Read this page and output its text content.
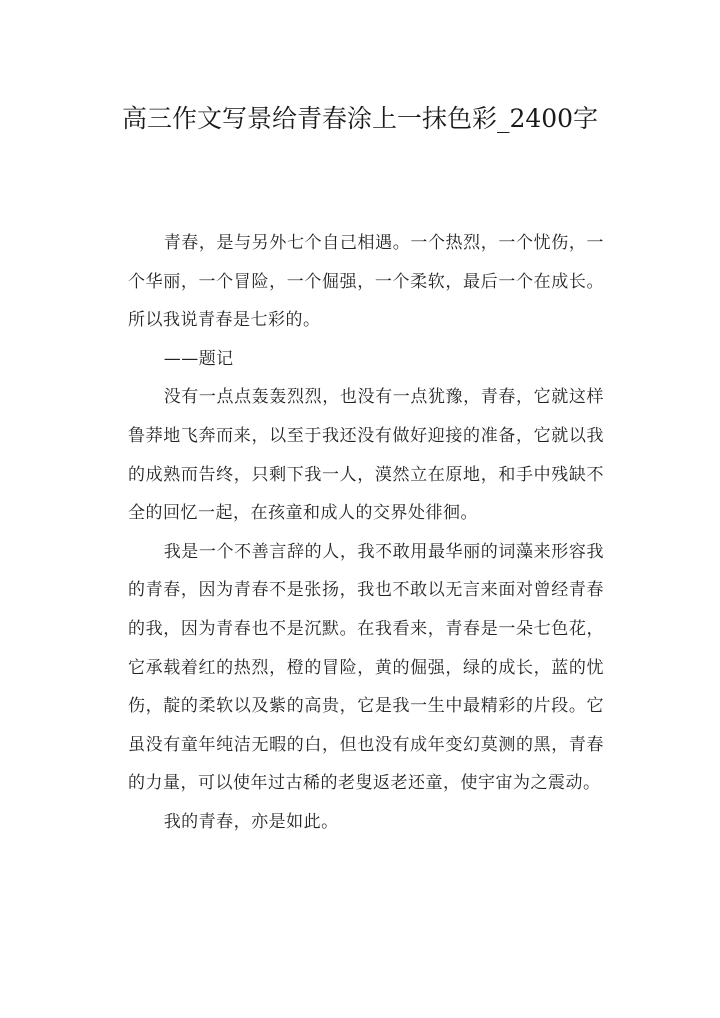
高三作文写景给青春涂上一抹色彩_2400字

青春，是与另外七个自己相遇。一个热烈，一个忧伤，一个华丽，一个冒险，一个倔强，一个柔软，最后一个在成长。所以我说青春是七彩的。

——题记

没有一点点轰轰烈烈，也没有一点犹豫，青春，它就这样鲁莽地飞奔而来，以至于我还没有做好迎接的准备，它就以我的成熟而告终，只剩下我一人，漠然立在原地，和手中残缺不全的回忆一起，在孩童和成人的交界处徘徊。

我是一个不善言辞的人，我不敢用最华丽的词藻来形容我的青春，因为青春不是张扬，我也不敢以无言来面对曾经青春的我，因为青春也不是沉默。在我看来，青春是一朵七色花，它承载着红的热烈，橙的冒险，黄的倔强，绿的成长，蓝的忧伤，靛的柔软以及紫的高贵，它是我一生中最精彩的片段。它虽没有童年纯洁无暇的白，但也没有成年变幻莫测的黑，青春的力量，可以使年过古稀的老叟返老还童，使宇宙为之震动。

我的青春，亦是如此。
